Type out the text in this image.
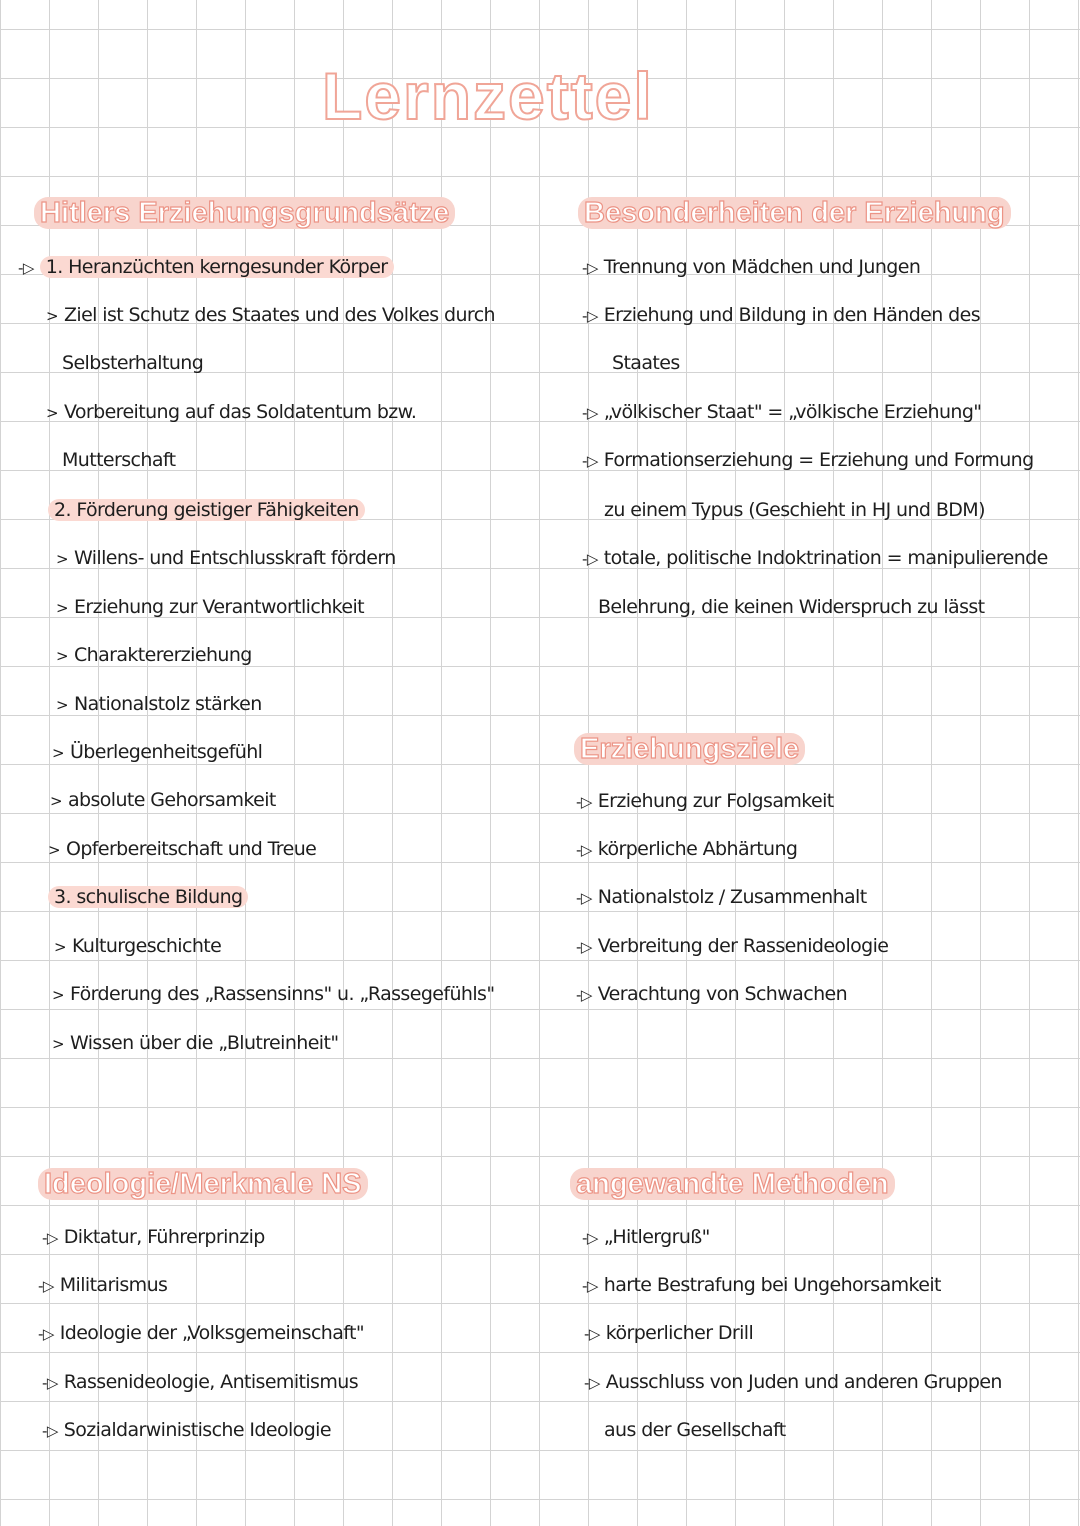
Lernzettel
Hitlers Erziehungsgrundsätze

-▷ 1. Heranzüchten kerngesunder Körper

> Ziel ist Schutz des Staates und des Volkes durch

Selbsterhaltung

> Vorbereitung auf das Soldatentum bzw.

Mutterschaft

2. Förderung geistiger Fähigkeiten

> Willens- und Entschlusskraft fördern

> Erziehung zur Verantwortlichkeit

> Charaktererziehung

> Nationalstolz stärken

> Überlegenheitsgefühl

> absolute Gehorsamkeit

> Opferbereitschaft und Treue

3. schulische Bildung

> Kulturgeschichte

> Förderung des „Rassensinns" u. „Rassegefühls"

> Wissen über die „Blutreinheit"

Besonderheiten der Erziehung

-▷ Trennung von Mädchen und Jungen

-▷ Erziehung und Bildung in den Händen des

Staates

-▷ „völkischer Staat" = „völkische Erziehung"

-▷ Formationserziehung = Erziehung und Formung

zu einem Typus (Geschieht in HJ und BDM)

-▷ totale, politische Indoktrination = manipulierende

Belehrung, die keinen Widerspruch zu lässt

Erziehungsziele

-▷ Erziehung zur Folgsamkeit

-▷ körperliche Abhärtung

-▷ Nationalstolz / Zusammenhalt

-▷ Verbreitung der Rassenideologie

-▷ Verachtung von Schwachen

Ideologie/Merkmale NS

-▷ Diktatur, Führerprinzip

-▷ Militarismus

-▷ Ideologie der „Volksgemeinschaft"

-▷ Rassenideologie, Antisemitismus

-▷ Sozialdarwinistische Ideologie

angewandte Methoden

-▷ „Hitlergruß"

-▷ harte Bestrafung bei Ungehorsamkeit

-▷ körperlicher Drill

-▷ Ausschluss von Juden und anderen Gruppen

aus der Gesellschaft
